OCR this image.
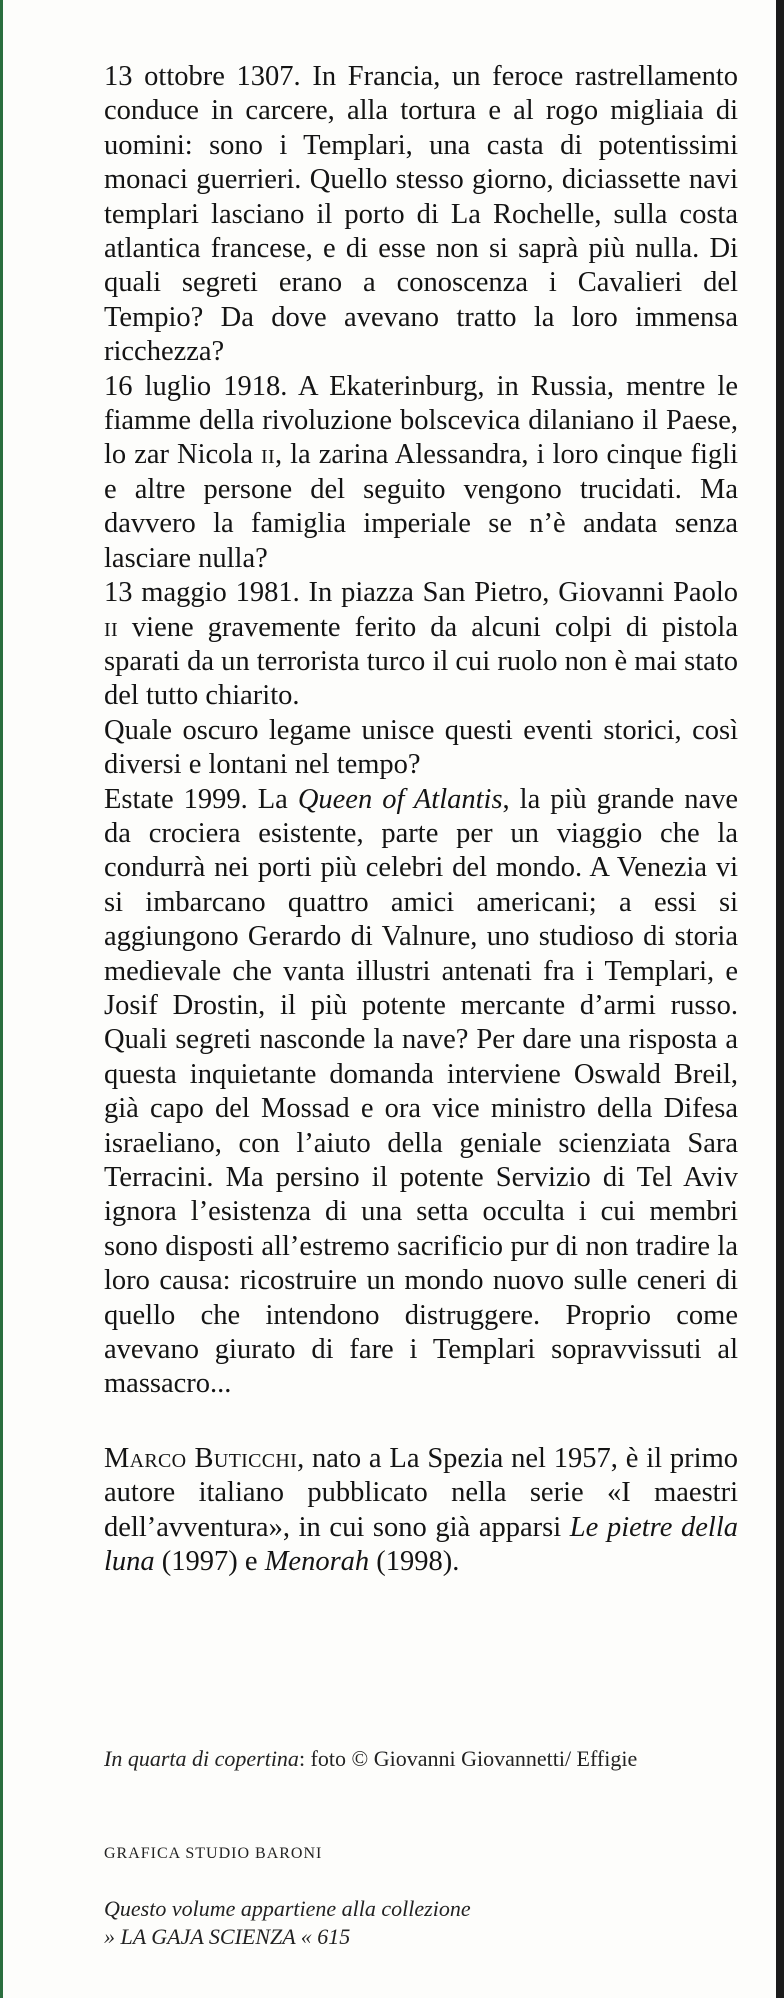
13 ottobre 1307. In Francia, un feroce rastrellamento conduce in carcere, alla tortura e al rogo migliaia di uomini: sono i Templari, una casta di potentissimi monaci guerrieri. Quello stesso giorno, diciassette navi templari lasciano il porto di La Rochelle, sulla costa atlantica francese, e di esse non si saprà più nulla. Di quali segreti erano a conoscenza i Cavalieri del Tempio? Da dove avevano tratto la loro immensa ricchezza?

16 luglio 1918. A Ekaterinburg, in Russia, mentre le fiamme della rivoluzione bolscevica dilaniano il Paese, lo zar Nicola ii, la zarina Alessandra, i loro cinque figli e altre persone del seguito vengono trucidati. Ma davvero la famiglia imperiale se n’è andata senza lasciare nulla?

13 maggio 1981. In piazza San Pietro, Giovanni Paolo ii viene gravemente ferito da alcuni colpi di pistola sparati da un terrorista turco il cui ruolo non è mai stato del tutto chiarito.

Quale oscuro legame unisce questi eventi storici, così diversi e lontani nel tempo?

Estate 1999. La Queen of Atlantis, la più grande nave da crociera esistente, parte per un viaggio che la condurrà nei porti più celebri del mondo. A Venezia vi si imbarcano quattro amici americani; a essi si aggiungono Gerardo di Valnure, uno studioso di storia medievale che vanta illustri antenati fra i Templari, e Josif Drostin, il più potente mercante d’armi russo. Quali segreti nasconde la nave? Per dare una risposta a questa inquietante domanda interviene Oswald Breil, già capo del Mossad e ora vice ministro della Difesa israeliano, con l’aiuto della geniale scienziata Sara Terracini. Ma persino il potente Servizio di Tel Aviv ignora l’esistenza di una setta occulta i cui membri sono disposti all’estremo sacrificio pur di non tradire la loro causa: ricostruire un mondo nuovo sulle ceneri di quello che intendono distruggere. Proprio come avevano giurato di fare i Templari sopravvissuti al massacro...

Marco Buticchi, nato a La Spezia nel 1957, è il primo autore italiano pubblicato nella serie «I maestri dell’avventura», in cui sono già apparsi Le pietre della luna (1997) e Menorah (1998).

In quarta di copertina: foto © Giovanni Giovannetti/ Effigie
GRAFICA STUDIO BARONI
Questo volume appartiene alla collezione
» LA GAJA SCIENZA « 615
